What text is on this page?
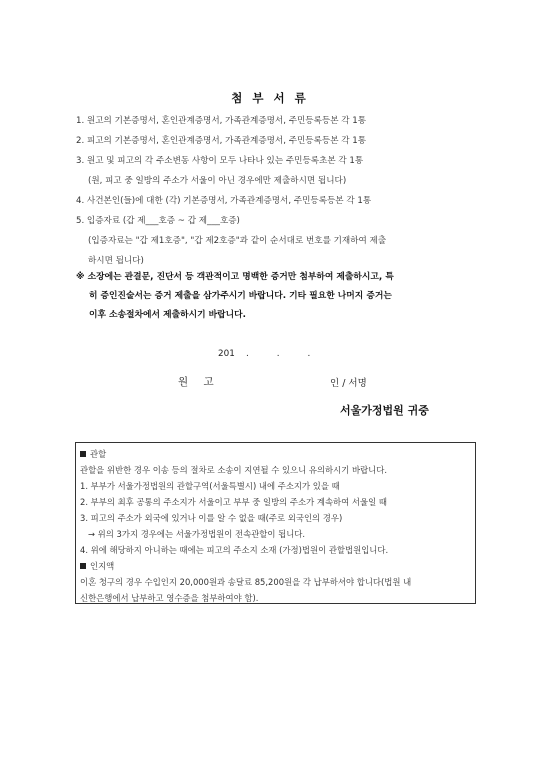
첨 부 서 류
1. 원고의 기본증명서, 혼인관계증명서, 가족관계증명서, 주민등록등본 각 1통
2. 피고의 기본증명서, 혼인관계증명서, 가족관계증명서, 주민등록등본 각 1통
3. 원고 및 피고의 각 주소변동 사항이 모두 나타나 있는 주민등록초본 각 1통
(원, 피고 중 일방의 주소가 서울이 아닌 경우에만 제출하시면 됩니다)
4. 사건본인(들)에 대한 (각) 기본증명서, 가족관계증명서, 주민등록등본 각 1통
5. 입증자료 (갑 제___호증 ~ 갑 제___호증)
(입증자료는 "갑 제1호증", "갑 제2호증"과 같이 순서대로 번호를 기재하여 제출
하시면 됩니다)
※ 소장에는 관결문, 진단서 등 객관적이고 명백한 증거만 첨부하여 제출하시고, 특
히 증인진술서는 증거 제출을 삼가주시기 바랍니다. 기타 필요한 나머지 증거는
이후 소송절차에서 제출하시기 바랍니다.
201    .          .          .
원 고	인 / 서명
서울가정법원 귀중
관할
관할을 위반한 경우 이송 등의 절차로 소송이 지연될 수 있으니 유의하시기 바랍니다.
1. 부부가 서울가정법원의 관할구역(서울특별시) 내에 주소지가 있을 때
2. 부부의 최후 공통의 주소지가 서울이고 부부 중 일방의 주소가 계속하여 서울일 때
3. 피고의 주소가 외국에 있거나 이를 알 수 없을 때(주로 외국인의 경우)
→ 위의 3가지 경우에는 서울가정법원이 전속관할이 됩니다.
4. 위에 해당하지 아니하는 때에는 피고의 주소지 소재 (가정)법원이 관할법원입니다.
인지액
이혼 청구의 경우 수입인지 20,000원과 송달료 85,200원을 각 납부하셔야 합니다(법원 내
신한은행에서 납부하고 영수증을 첨부하여야 함).
